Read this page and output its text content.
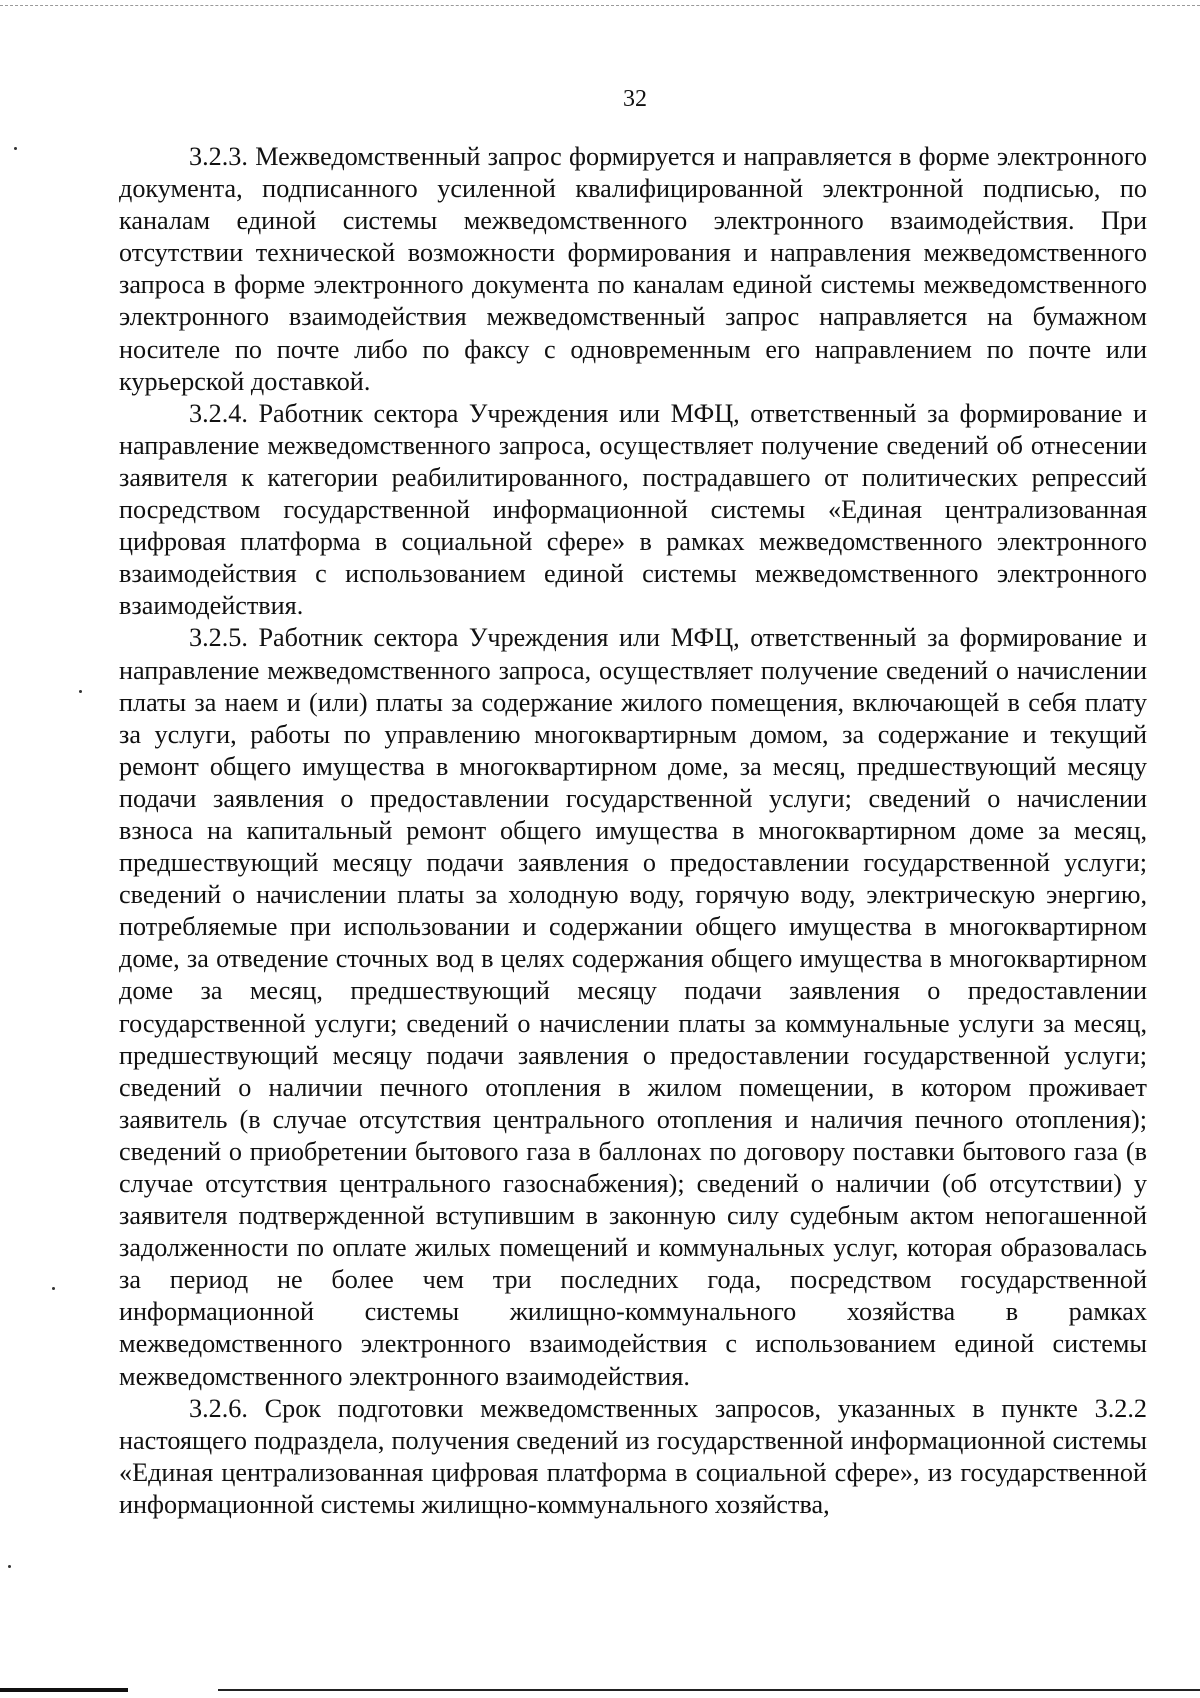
32

3.2.3. Межведомственный запрос формируется и направляется в форме электронного документа, подписанного усиленной квалифицированной электронной подписью, по каналам единой системы межведомственного электронного взаимодействия. При отсутствии технической возможности формирования и направления межведомственного запроса в форме электронного документа по каналам единой системы межведомственного электронного взаимодействия межведомственный запрос направляется на бумажном носителе по почте либо по факсу с одновременным его направлением по почте или курьерской доставкой.

3.2.4. Работник сектора Учреждения или МФЦ, ответственный за формирование и направление межведомственного запроса, осуществляет получение сведений об отнесении заявителя к категории реабилитированного, пострадавшего от политических репрессий посредством государственной информационной системы «Единая централизованная цифровая платформа в социальной сфере» в рамках межведомственного электронного взаимодействия с использованием единой системы межведомственного электронного взаимодействия.

3.2.5. Работник сектора Учреждения или МФЦ, ответственный за формирование и направление межведомственного запроса, осуществляет получение сведений о начислении платы за наем и (или) платы за содержание жилого помещения, включающей в себя плату за услуги, работы по управлению многоквартирным домом, за содержание и текущий ремонт общего имущества в многоквартирном доме, за месяц, предшествующий месяцу подачи заявления о предоставлении государственной услуги; сведений о начислении взноса на капитальный ремонт общего имущества в многоквартирном доме за месяц, предшествующий месяцу подачи заявления о предоставлении государственной услуги; сведений о начислении платы за холодную воду, горячую воду, электрическую энергию, потребляемые при использовании и содержании общего имущества в многоквартирном доме, за отведение сточных вод в целях содержания общего имущества в многоквартирном доме за месяц, предшествующий месяцу подачи заявления о предоставлении государственной услуги; сведений о начислении платы за коммунальные услуги за месяц, предшествующий месяцу подачи заявления о предоставлении государственной услуги; сведений о наличии печного отопления в жилом помещении, в котором проживает заявитель (в случае отсутствия центрального отопления и наличия печного отопления); сведений о приобретении бытового газа в баллонах по договору поставки бытового газа (в случае отсутствия центрального газоснабжения); сведений о наличии (об отсутствии) у заявителя подтвержденной вступившим в законную силу судебным актом непогашенной задолженности по оплате жилых помещений и коммунальных услуг, которая образовалась за период не более чем три последних года, посредством государственной информационной системы жилищно-коммунального хозяйства в рамках межведомственного электронного взаимодействия с использованием единой системы межведомственного электронного взаимодействия.

3.2.6. Срок подготовки межведомственных запросов, указанных в пункте 3.2.2 настоящего подраздела, получения сведений из государственной информационной системы «Единая централизованная цифровая платформа в социальной сфере», из государственной информационной системы жилищно-коммунального хозяйства,
